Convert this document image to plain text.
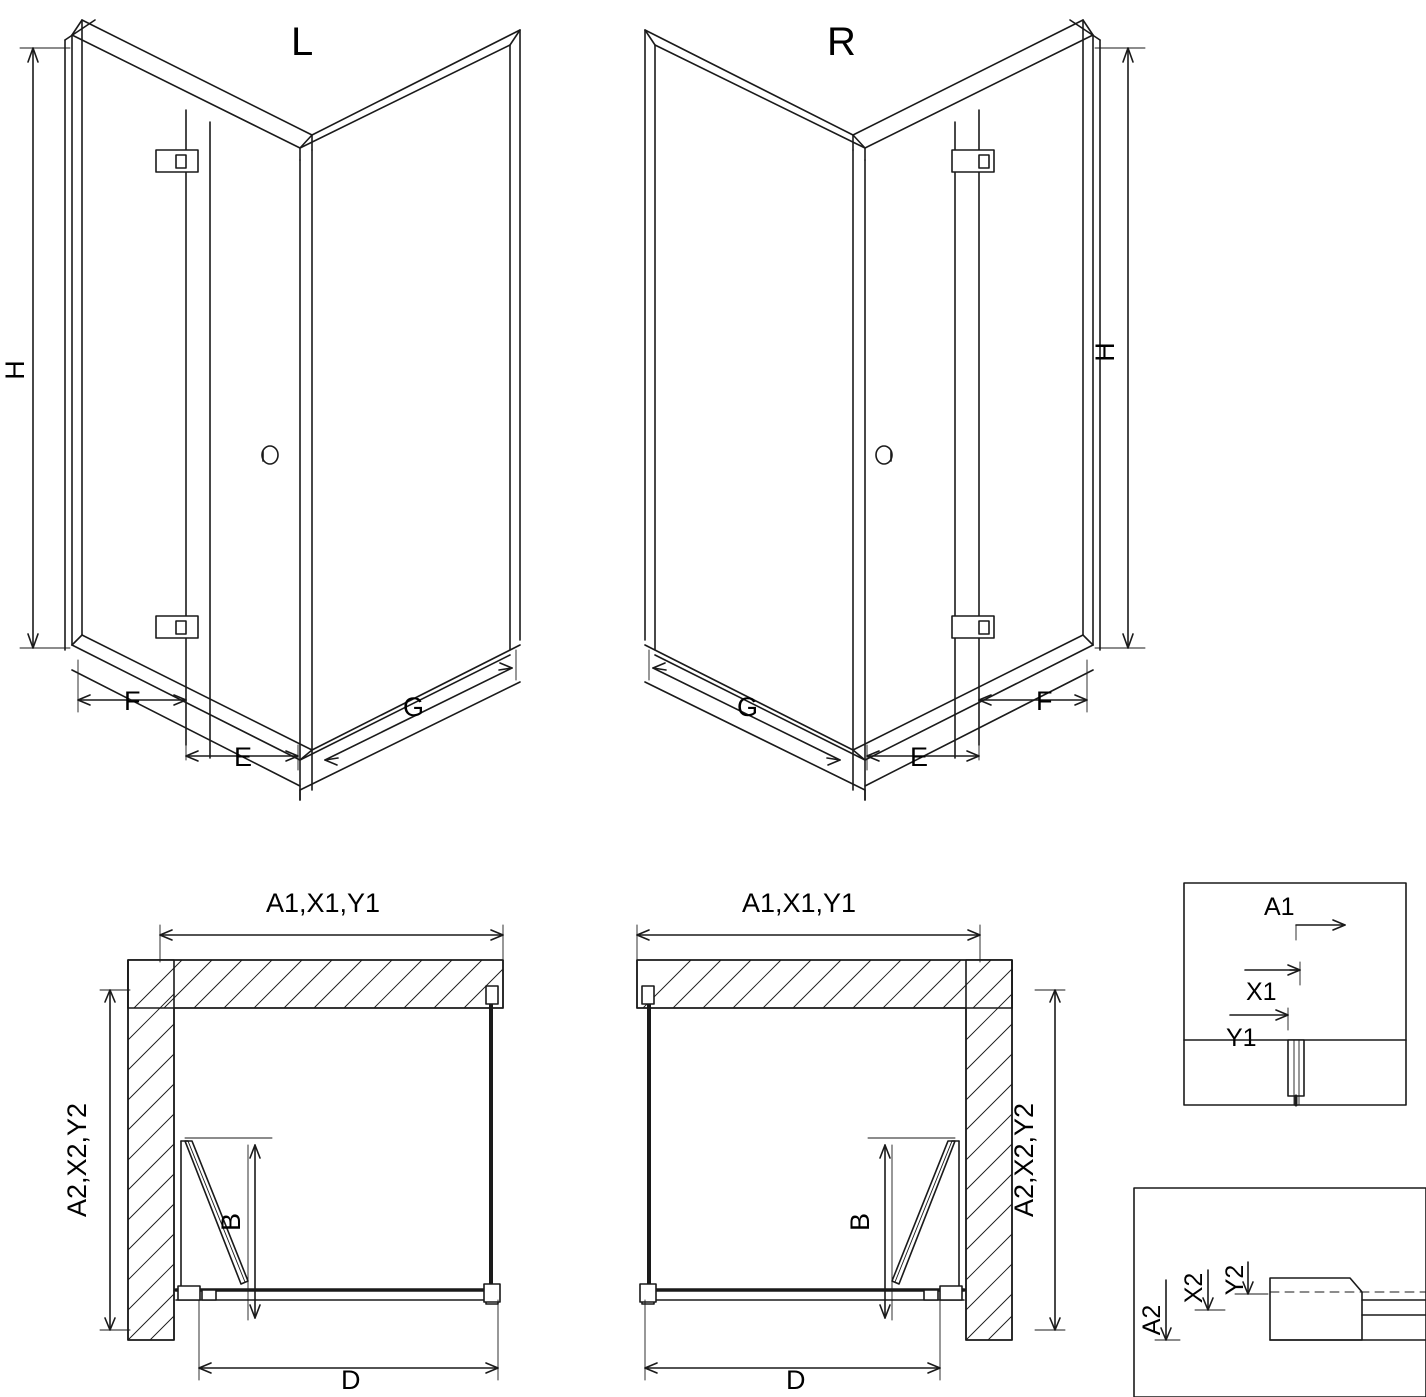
L	R
H
H
F
E
G	F
E
G
A1,X1,Y1	A1,X1,Y1
A2,X2,Y2	A2,X2,Y2
B	B
D	D
A1
X1
Y1
A2
X2 Y2
